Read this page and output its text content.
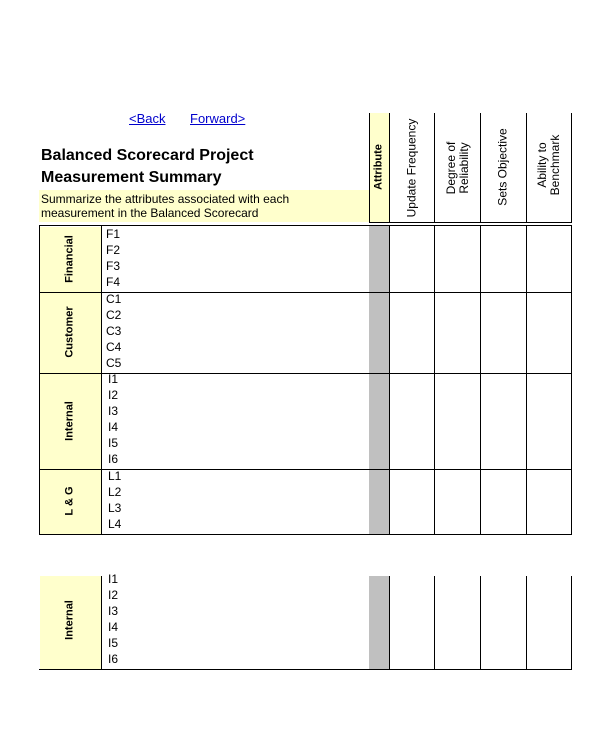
<Back Forward>
Balanced Scorecard Project
Measurement Summary
Summarize the attributes associated with each
measurement in the Balanced Scorecard
Attribute Update Frequency Degree of Reliability Sets Objective Ability to Benchmark
Financial
Customer
Internal
L & G
F1
F2
F3
F4
C1
C2
C3
C4
C5
I1
I2
I3
I4
I5
I6
L1
L2
L3
L4
Internal
I1
I2
I3
I4
I5
I6
